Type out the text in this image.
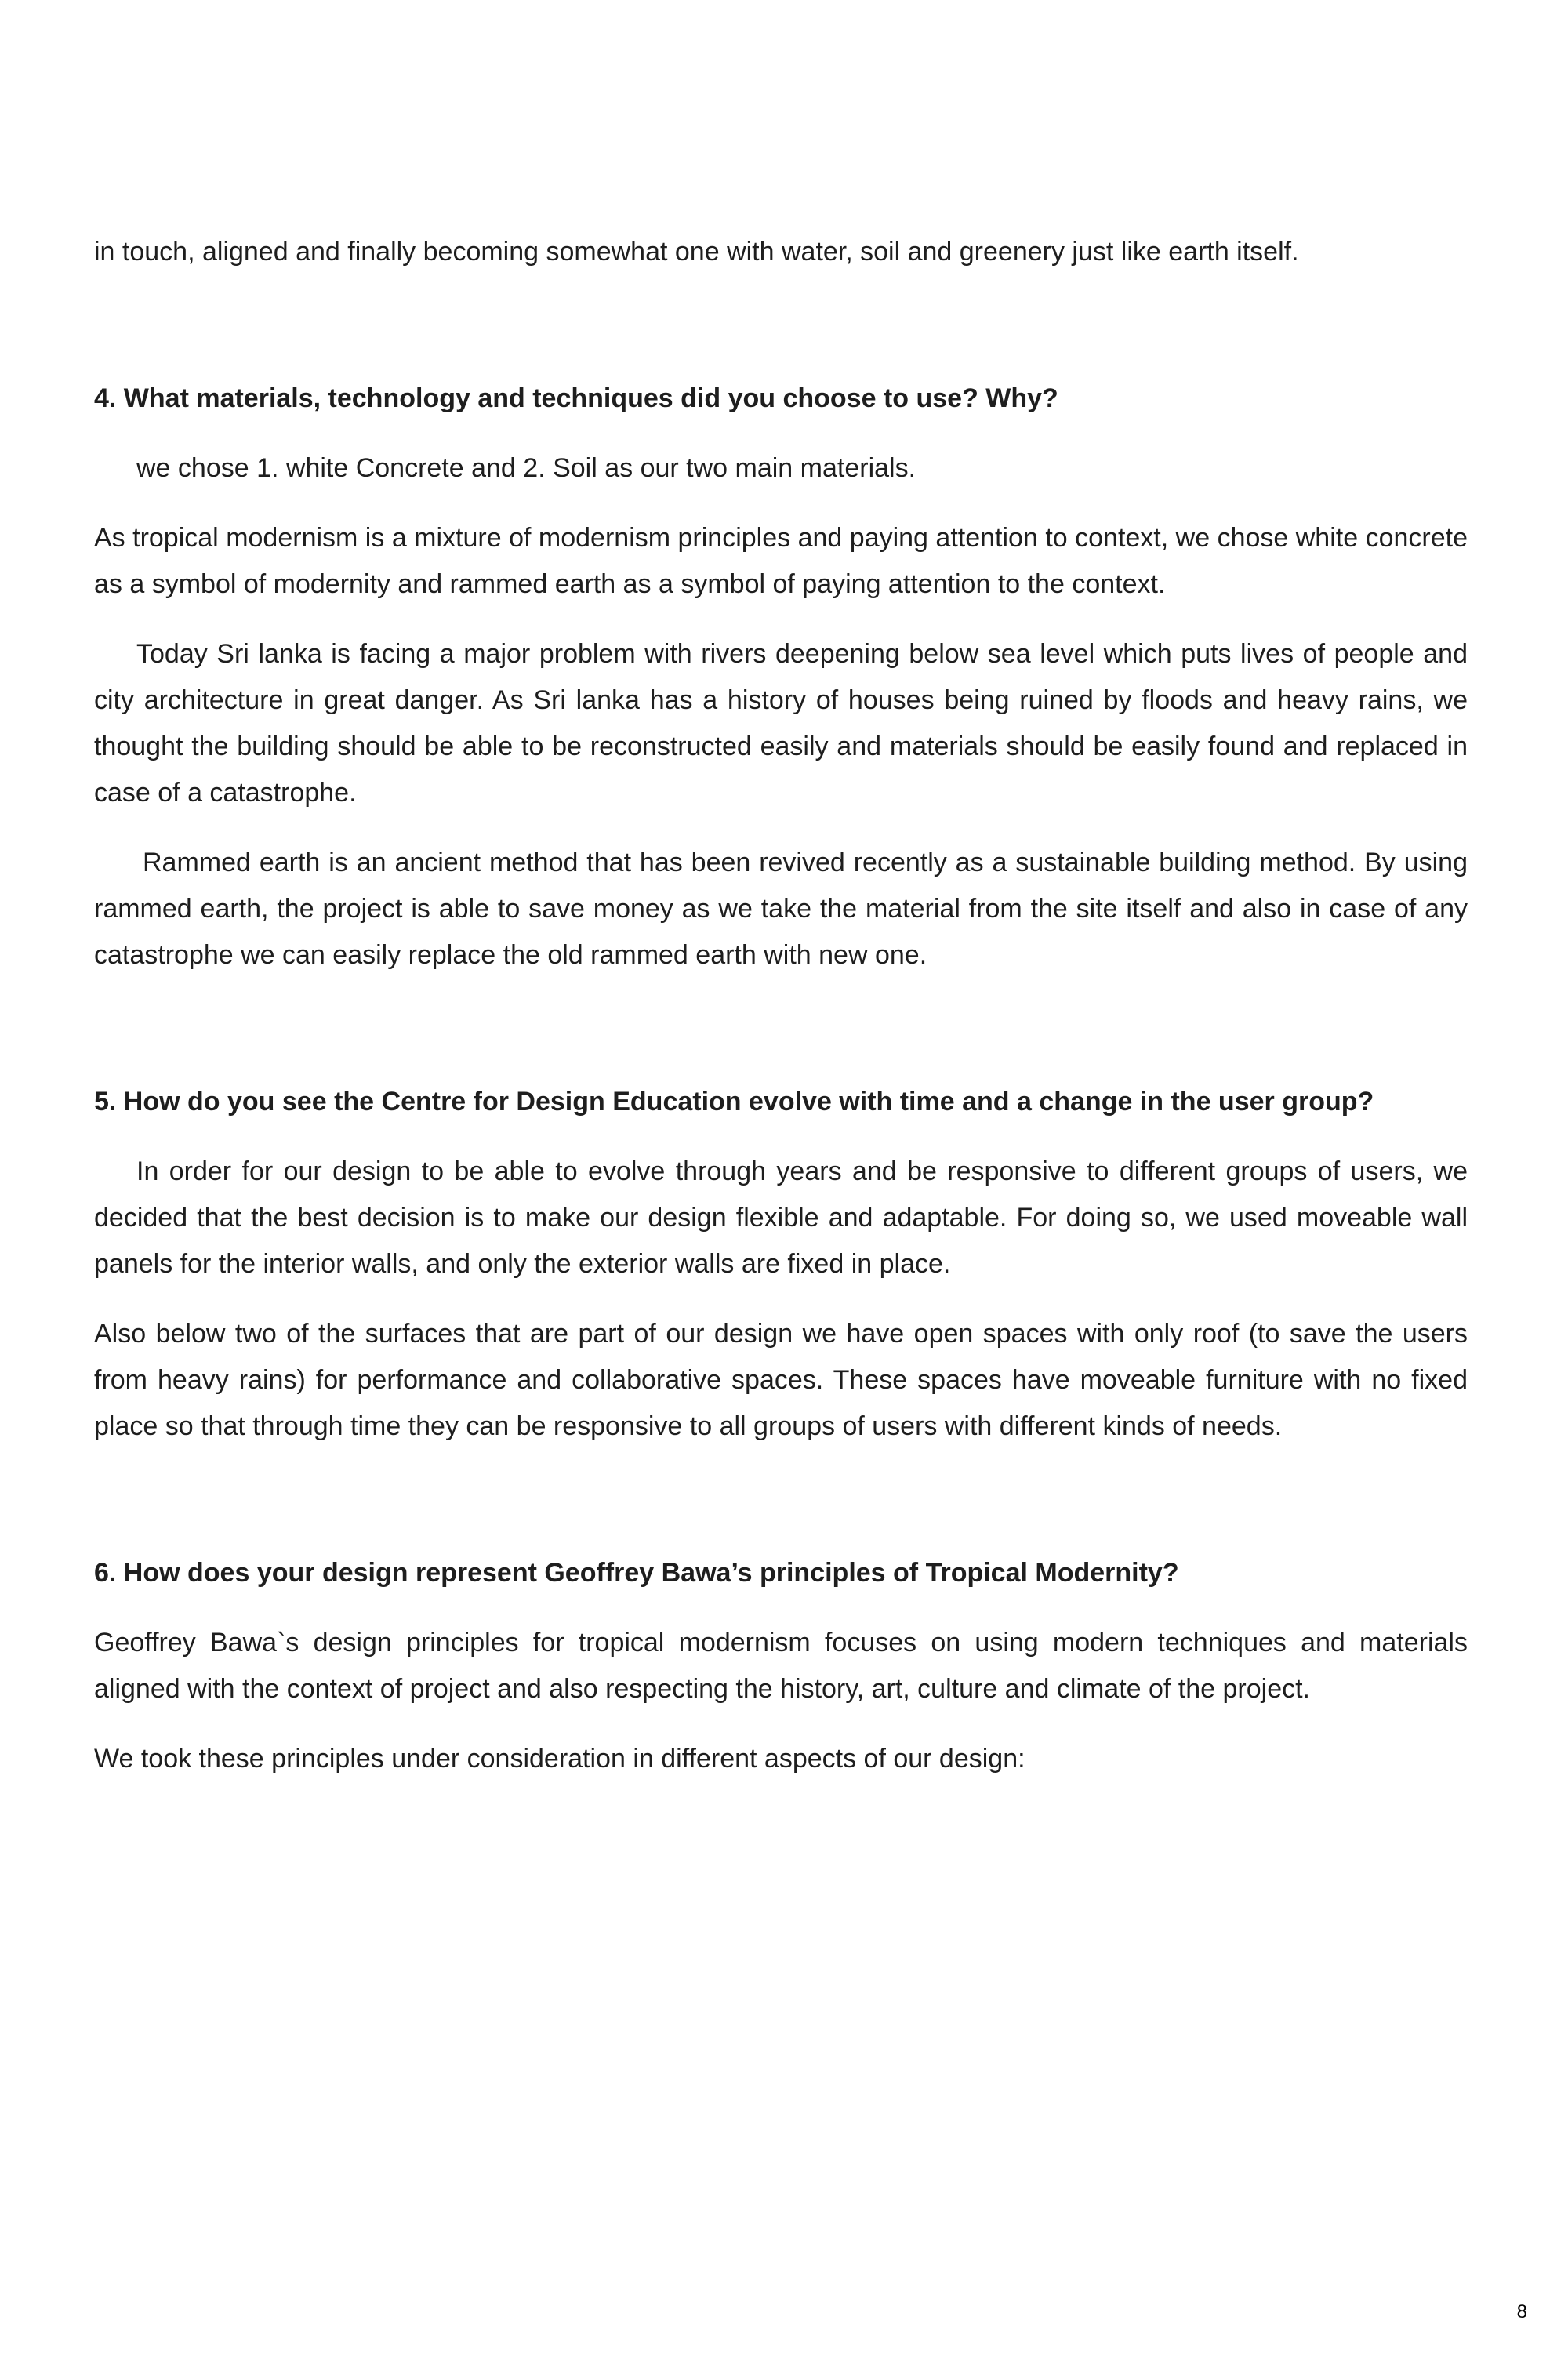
in touch, aligned and finally becoming somewhat one with water, soil and greenery just like earth itself.

4. What materials, technology and techniques did you choose to use? Why?

we chose 1. white Concrete and 2. Soil as our two main materials.

As tropical modernism is a mixture of modernism principles and paying attention to context, we chose white concrete as a symbol of modernity and rammed earth as a symbol of paying attention to the context.

Today Sri lanka is facing a major problem with rivers deepening below sea level which puts lives of people and city architecture in great danger. As Sri lanka has a history of houses being ruined by floods and heavy rains, we thought the building should be able to be reconstructed easily and materials should be easily found and replaced in case of a catastrophe.

Rammed earth is an ancient method that has been revived recently as a sustainable building method. By using rammed earth, the project is able to save money as we take the material from the site itself and also in case of any catastrophe we can easily replace the old rammed earth with new one.

5. How do you see the Centre for Design Education evolve with time and a change in the user group?

In order for our design to be able to evolve through years and be responsive to different groups of users, we decided that the best decision is to make our design flexible and adaptable. For doing so, we used moveable wall panels for the interior walls, and only the exterior walls are fixed in place.

Also below two of the surfaces that are part of our design we have open spaces with only roof (to save the users from heavy rains) for performance and collaborative spaces. These spaces have moveable furniture with no fixed place so that through time they can be responsive to all groups of users with different kinds of needs.

6. How does your design represent Geoffrey Bawa’s principles of Tropical Modernity?

Geoffrey Bawa`s design principles for tropical modernism focuses on using modern techniques and materials aligned with the context of project and also respecting the history, art, culture and climate of the project.

We took these principles under consideration in different aspects of our design:

8
